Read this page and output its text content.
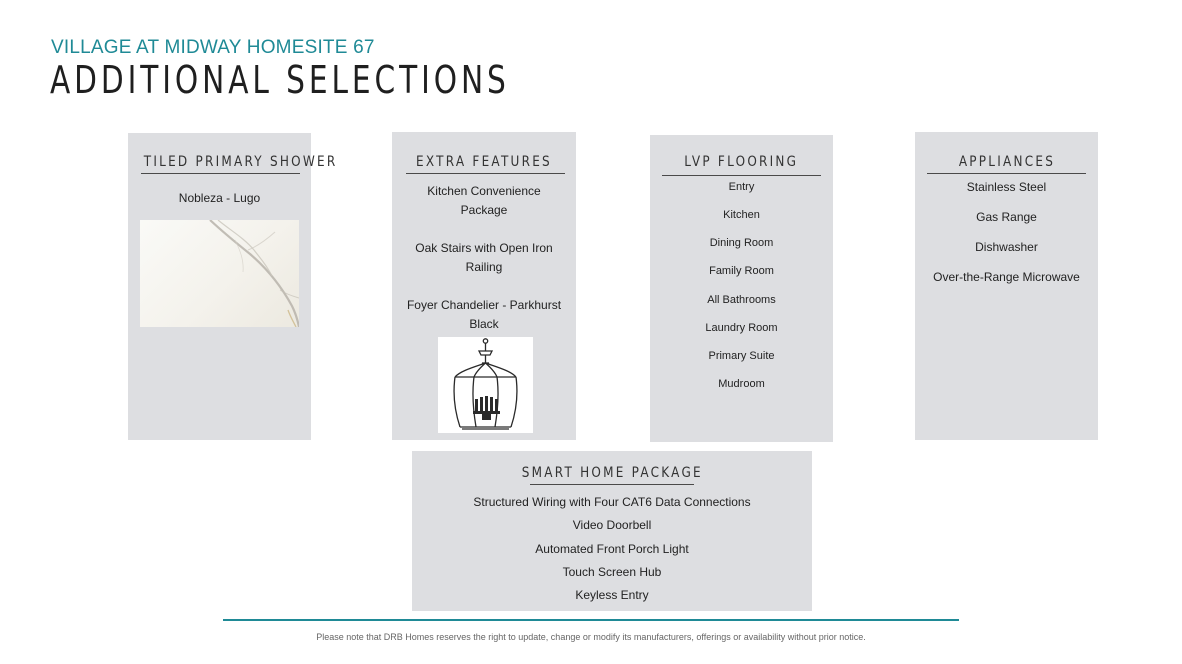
VILLAGE AT MIDWAY HOMESITE 67
ADDITIONAL SELECTIONS
TILED PRIMARY SHOWER
Nobleza - Lugo
EXTRA FEATURES
Kitchen Convenience
Package
Oak Stairs with Open Iron
Railing
Foyer Chandelier - Parkhurst
Black
LVP FLOORING
Entry
Kitchen
Dining Room
Family Room
All Bathrooms
Laundry Room
Primary Suite
Mudroom
APPLIANCES
Stainless Steel
Gas Range
Dishwasher
Over-the-Range Microwave
SMART HOME PACKAGE
Structured Wiring with Four CAT6 Data Connections
Video Doorbell
Automated Front Porch Light
Touch Screen Hub
Keyless Entry
Please note that DRB Homes reserves the right to update, change or modify its manufacturers, offerings or availability without prior notice.
